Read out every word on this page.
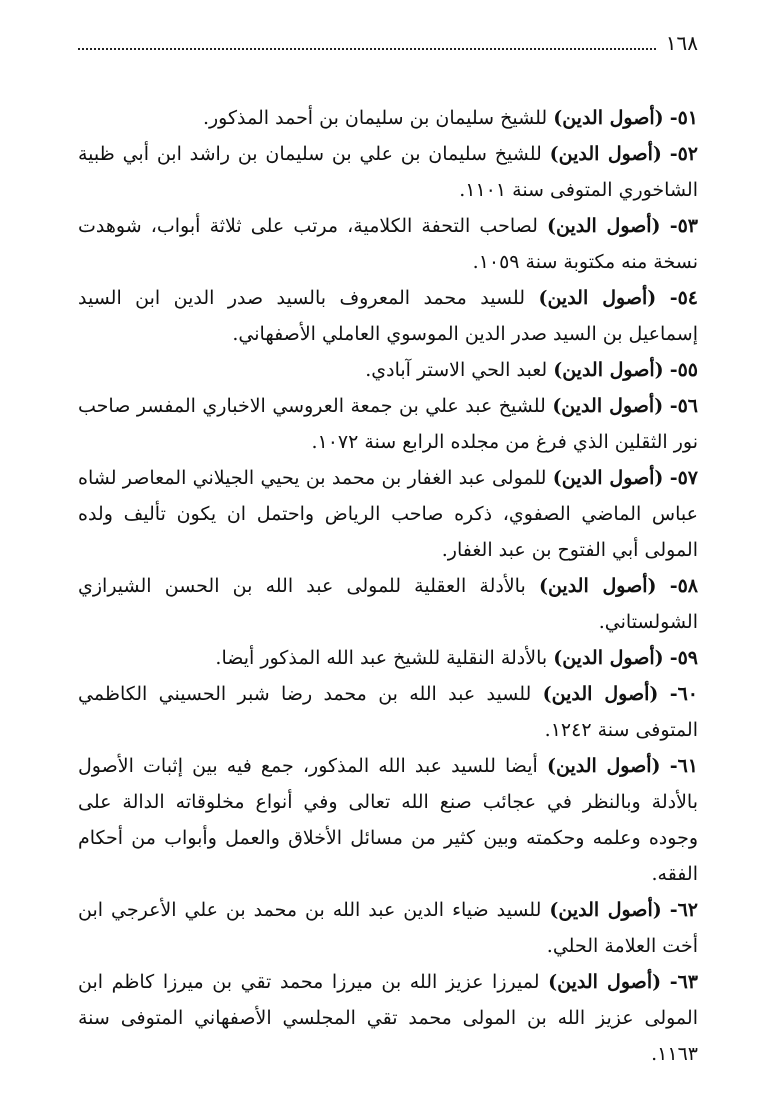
١٦٨

٥١- (أصول الدين) للشيخ سليمان بن سليمان بن أحمد المذكور.

٥٢- (أصول الدين) للشيخ سليمان بن علي بن سليمان بن راشد ابن أبي ظبية الشاخوري المتوفى سنة ١١٠١.

٥٣- (أصول الدين) لصاحب التحفة الكلامية، مرتب على ثلاثة أبواب، شوهدت نسخة منه مكتوبة سنة ١٠٥٩.

٥٤- (أصول الدين) للسيد محمد المعروف بالسيد صدر الدين ابن السيد إسماعيل بن السيد صدر الدين الموسوي العاملي الأصفهاني.

٥٥- (أصول الدين) لعبد الحي الاستر آبادي.

٥٦- (أصول الدين) للشيخ عبد علي بن جمعة العروسي الاخباري المفسر صاحب نور الثقلين الذي فرغ من مجلده الرابع سنة ١٠٧٢.

٥٧- (أصول الدين) للمولى عبد الغفار بن محمد بن يحيي الجيلاني المعاصر لشاه عباس الماضي الصفوي، ذكره صاحب الرياض واحتمل ان يكون تأليف ولده المولى أبي الفتوح بن عبد الغفار.

٥٨- (أصول الدين) بالأدلة العقلية للمولى عبد الله بن الحسن الشيرازي الشولستاني.

٥٩- (أصول الدين) بالأدلة النقلية للشيخ عبد الله المذكور أيضا.

٦٠- (أصول الدين) للسيد عبد الله بن محمد رضا شبر الحسيني الكاظمي المتوفى سنة ١٢٤٢.

٦١- (أصول الدين) أيضا للسيد عبد الله المذكور، جمع فيه بين إثبات الأصول بالأدلة وبالنظر في عجائب صنع الله تعالى وفي أنواع مخلوقاته الدالة على وجوده وعلمه وحكمته وبين كثير من مسائل الأخلاق والعمل وأبواب من أحكام الفقه.

٦٢- (أصول الدين) للسيد ضياء الدين عبد الله بن محمد بن علي الأعرجي ابن أخت العلامة الحلي.

٦٣- (أصول الدين) لميرزا عزيز الله بن ميرزا محمد تقي بن ميرزا كاظم ابن المولى عزيز الله بن المولى محمد تقي المجلسي الأصفهاني المتوفى سنة ١١٦٣.
